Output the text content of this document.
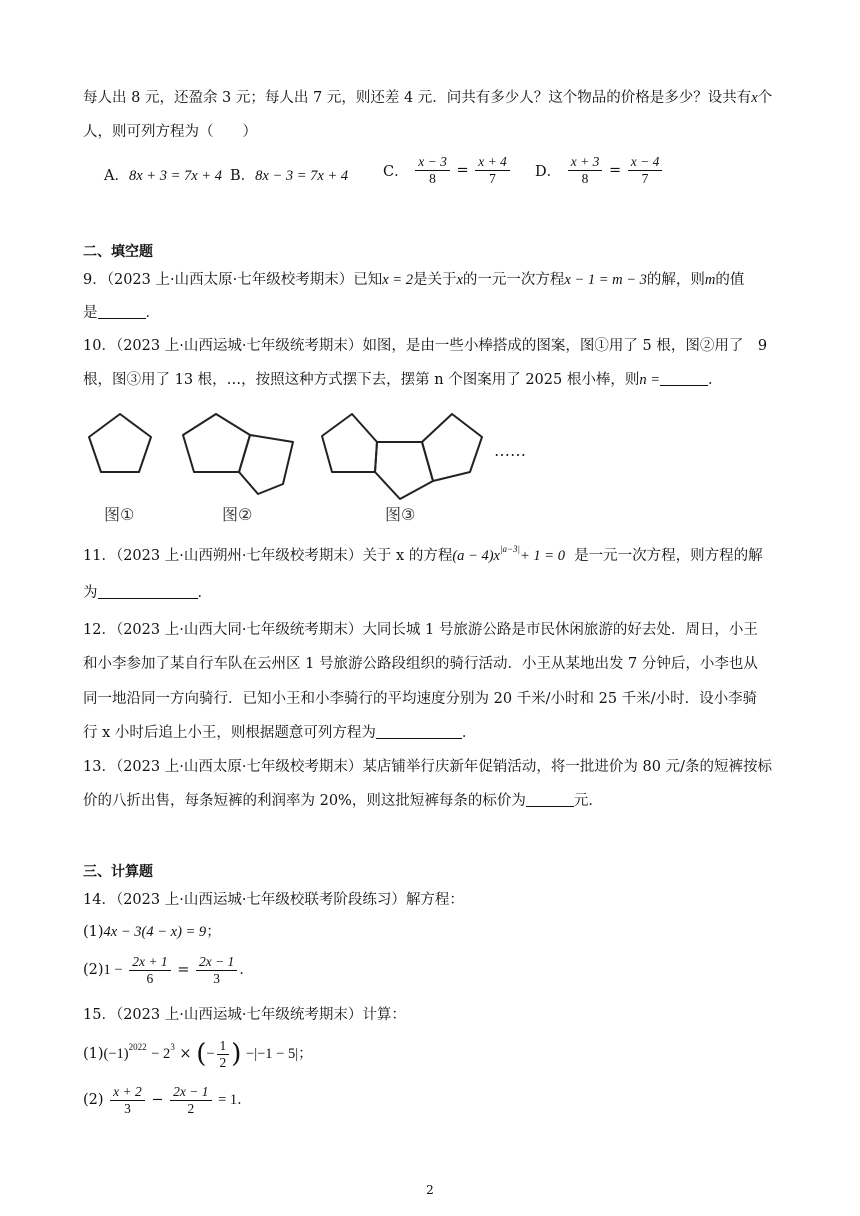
每人出 8 元，还盈余 3 元；每人出 7 元，则还差 4 元．问共有多少人？这个物品的价格是多少？设共有x个
人，则可列方程为（　　）
A．8x + 3 = 7x + 4 B．8x − 3 = 7x + 4 C． $\frac{x - 3}{8} = \frac{x + 4}{7}$ D． $\frac{x + 3}{8} = \frac{x - 4}{7}$
二、填空题
9．（2023 上·山西太原·七年级校考期末）已知x = 2是关于x的一元一次方程x − 1 = m − 3的解，则m的值
是	．
10．（2023 上·山西运城·七年级统考期末）如图，是由一些小棒搭成的图案，图①用了 5 根，图②用了　9
根，图③用了 13 根，…，按照这种方式摆下去，摆第 n 个图案用了 2025 根小棒，则n =	．
……
图①	图②	图③
11．（2023 上·山西朔州·七年级校考期末）关于 x 的方程$(a - 4)x^{|a-3|}+ 1 = 0$ 是一元一次方程，则方程的解
为	．
12．（2023 上·山西大同·七年级统考期末）大同长城 1 号旅游公路是市民休闲旅游的好去处．周日，小王
和小李参加了某自行车队在云州区 1 号旅游公路段组织的骑行活动．小王从某地出发 7 分钟后，小李也从
同一地沿同一方向骑行．已知小王和小李骑行的平均速度分别为 20 千米/小时和 25 千米/小时．设小李骑
行 x 小时后追上小王，则根据题意可列方程为	．
13．（2023 上·山西太原·七年级校考期末）某店铺举行庆新年促销活动，将一批进价为 80 元/条的短裤按标
价的八折出售，每条短裤的利润率为 20%，则这批短裤每条的标价为	元．
三、计算题
14．（2023 上·山西运城·七年级校联考阶段练习）解方程：
(1)4x − 3(4 − x) = 9；
$(2)1 - \frac{2x + 1}{6} = \frac{2x - 1}{3}$ ．
15．（2023 上·山西运城·七年级统考期末）计算：
$(1)(-1)^{2022} - 2^3$ × (− $\frac{1}{2}$ ) −|−1 − 5|；
$(2) \frac{x + 2}{3} - \frac{2x - 1}{2} = 1$．
2
